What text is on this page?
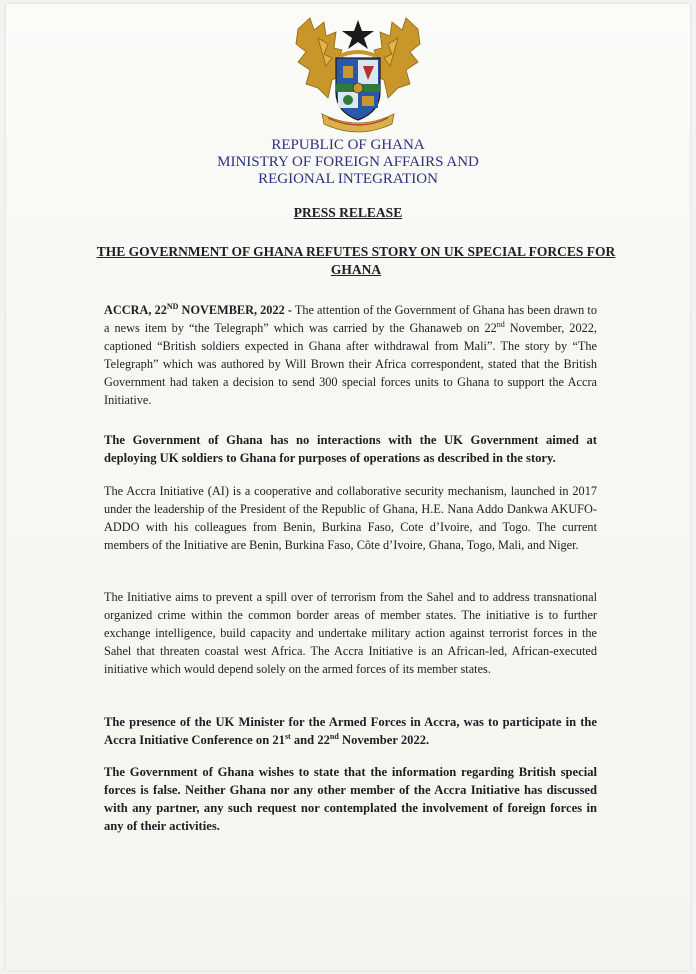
REPUBLIC OF GHANA
MINISTRY OF FOREIGN AFFAIRS AND
REGIONAL INTEGRATION
PRESS RELEASE
THE GOVERNMENT OF GHANA REFUTES STORY ON UK SPECIAL FORCES FOR GHANA
ACCRA, 22ND NOVEMBER, 2022 - The attention of the Government of Ghana has been drawn to a news item by “the Telegraph” which was carried by the Ghanaweb on 22nd November, 2022, captioned “British soldiers expected in Ghana after withdrawal from Mali”. The story by “The Telegraph” which was authored by Will Brown their Africa correspondent, stated that the British Government had taken a decision to send 300 special forces units to Ghana to support the Accra Initiative.
The Government of Ghana has no interactions with the UK Government aimed at deploying UK soldiers to Ghana for purposes of operations as described in the story.
The Accra Initiative (AI) is a cooperative and collaborative security mechanism, launched in 2017 under the leadership of the President of the Republic of Ghana, H.E. Nana Addo Dankwa AKUFO-ADDO with his colleagues from Benin, Burkina Faso, Cote d’Ivoire, and Togo. The current members of the Initiative are Benin, Burkina Faso, Côte d’Ivoire, Ghana, Togo, Mali, and Niger.
The Initiative aims to prevent a spill over of terrorism from the Sahel and to address transnational organized crime within the common border areas of member states. The initiative is to further exchange intelligence, build capacity and undertake military action against terrorist forces in the Sahel that threaten coastal west Africa. The Accra Initiative is an African-led, African-executed initiative which would depend solely on the armed forces of its member states.
The presence of the UK Minister for the Armed Forces in Accra, was to participate in the Accra Initiative Conference on 21st and 22nd November 2022.
The Government of Ghana wishes to state that the information regarding British special forces is false. Neither Ghana nor any other member of the Accra Initiative has discussed with any partner, any such request nor contemplated the involvement of foreign forces in any of their activities.
